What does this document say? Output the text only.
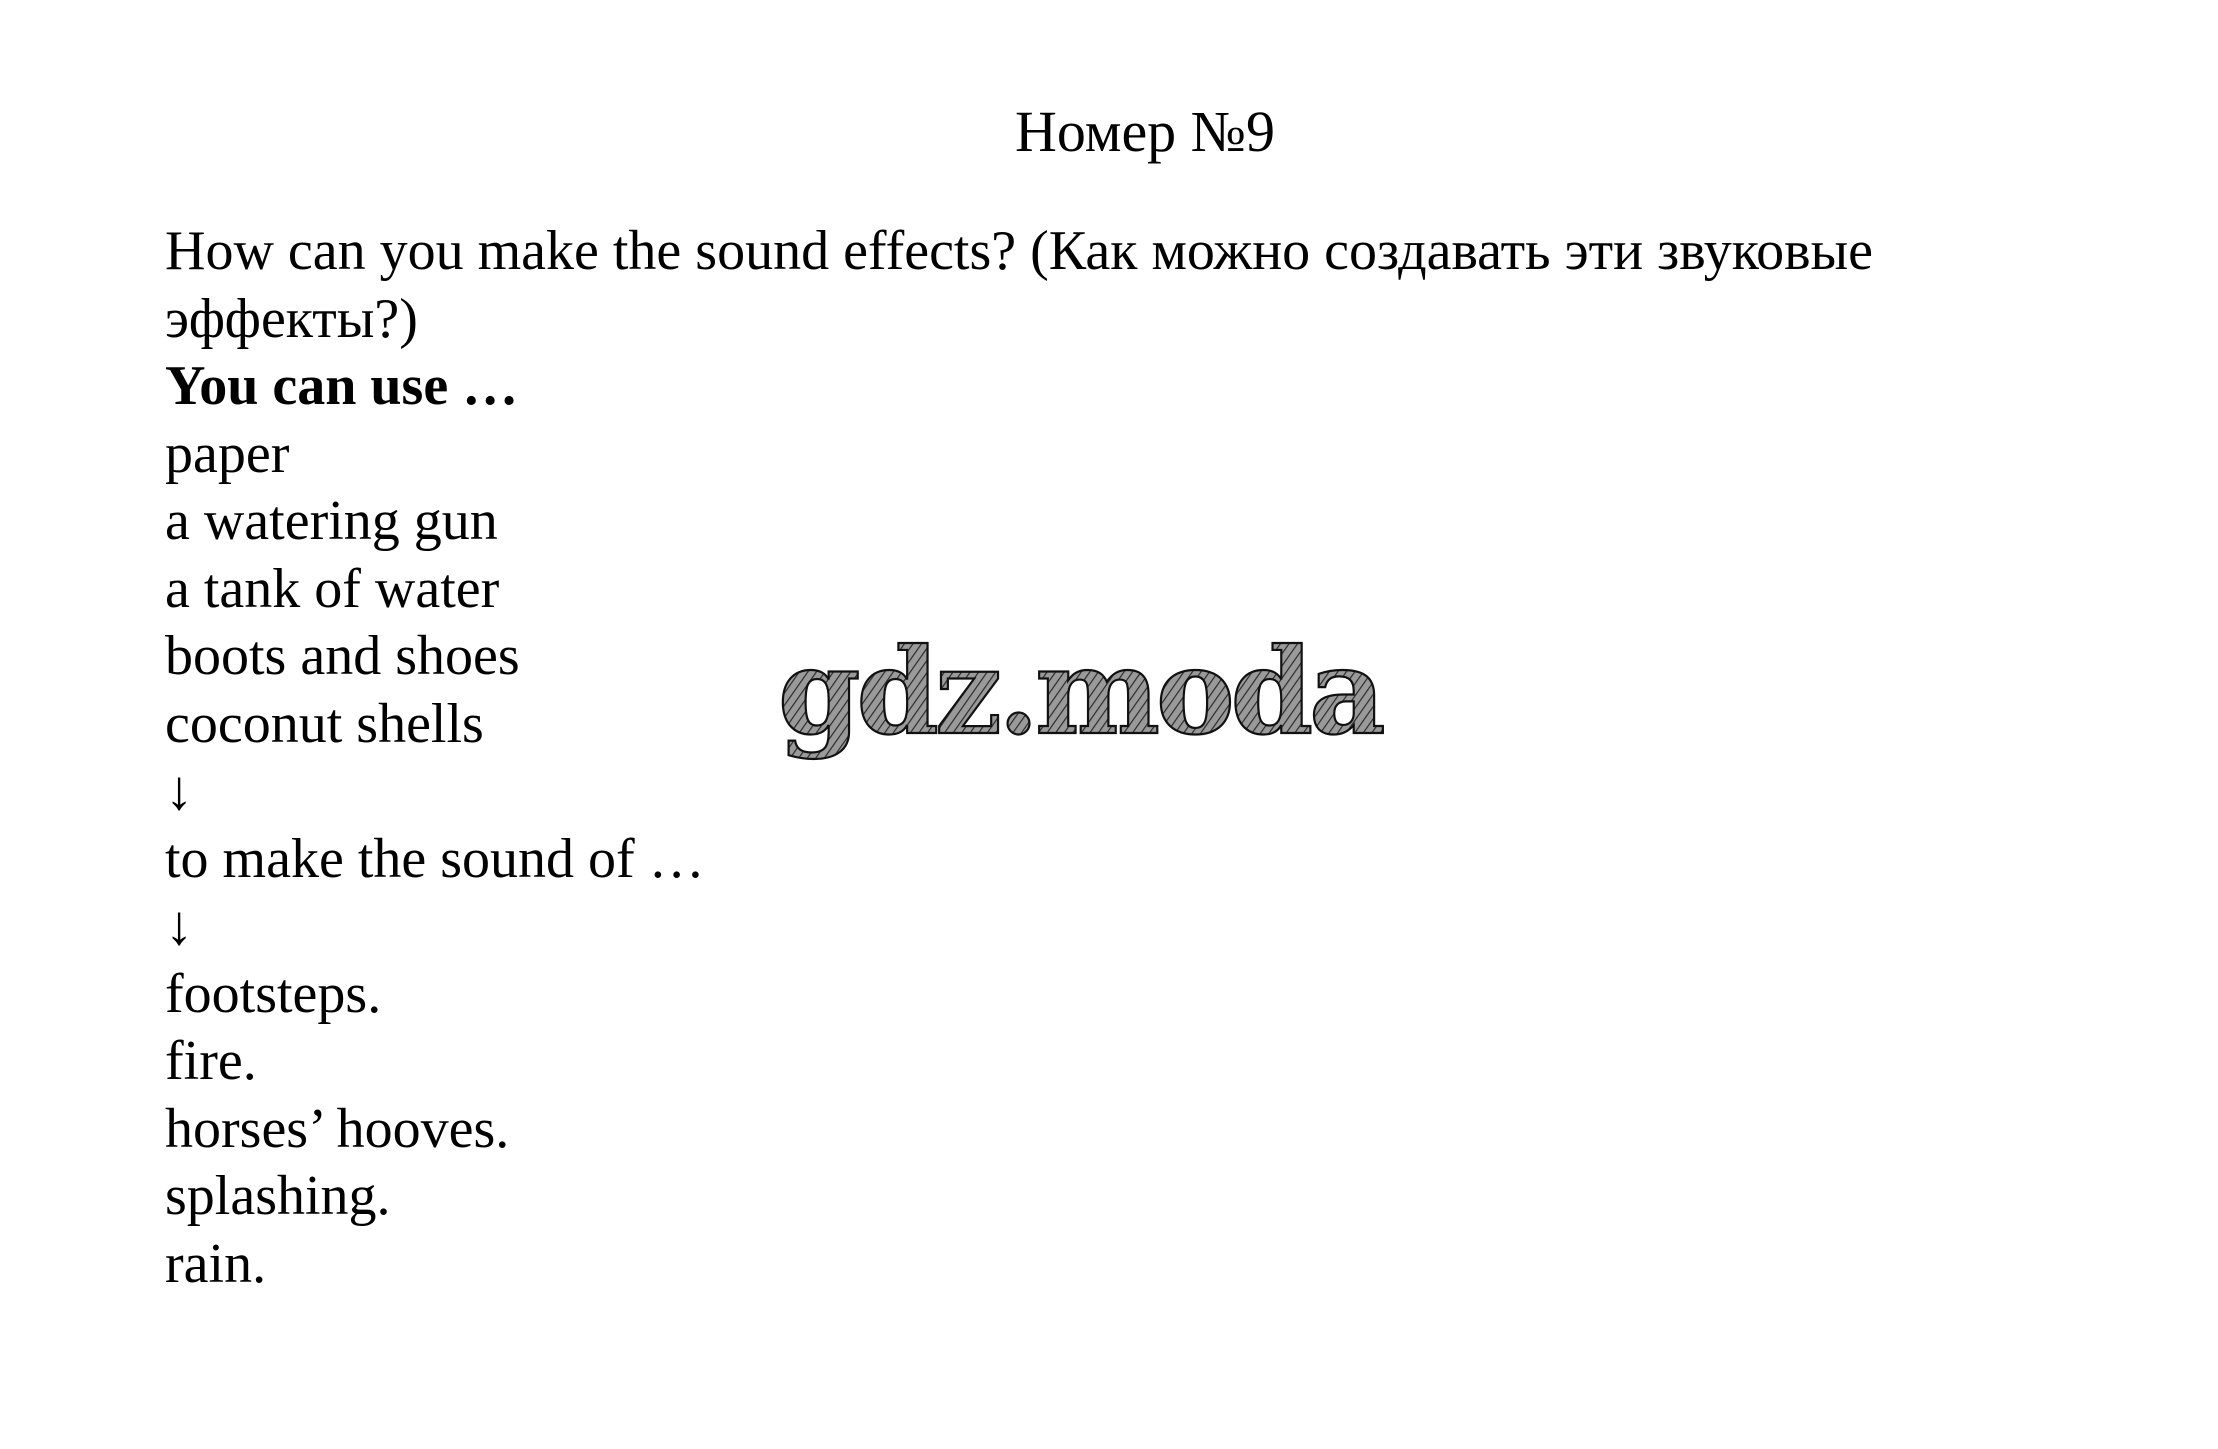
Номер №9

How can you make the sound effects? (Как можно создавать эти звуковые эффекты?)

You can use …

paper

a watering gun

a tank of water

boots and shoes

coconut shells

↓

to make the sound of …

↓

footsteps.

fire.

horses’ hooves.

splashing.

rain.

gdz.moda
